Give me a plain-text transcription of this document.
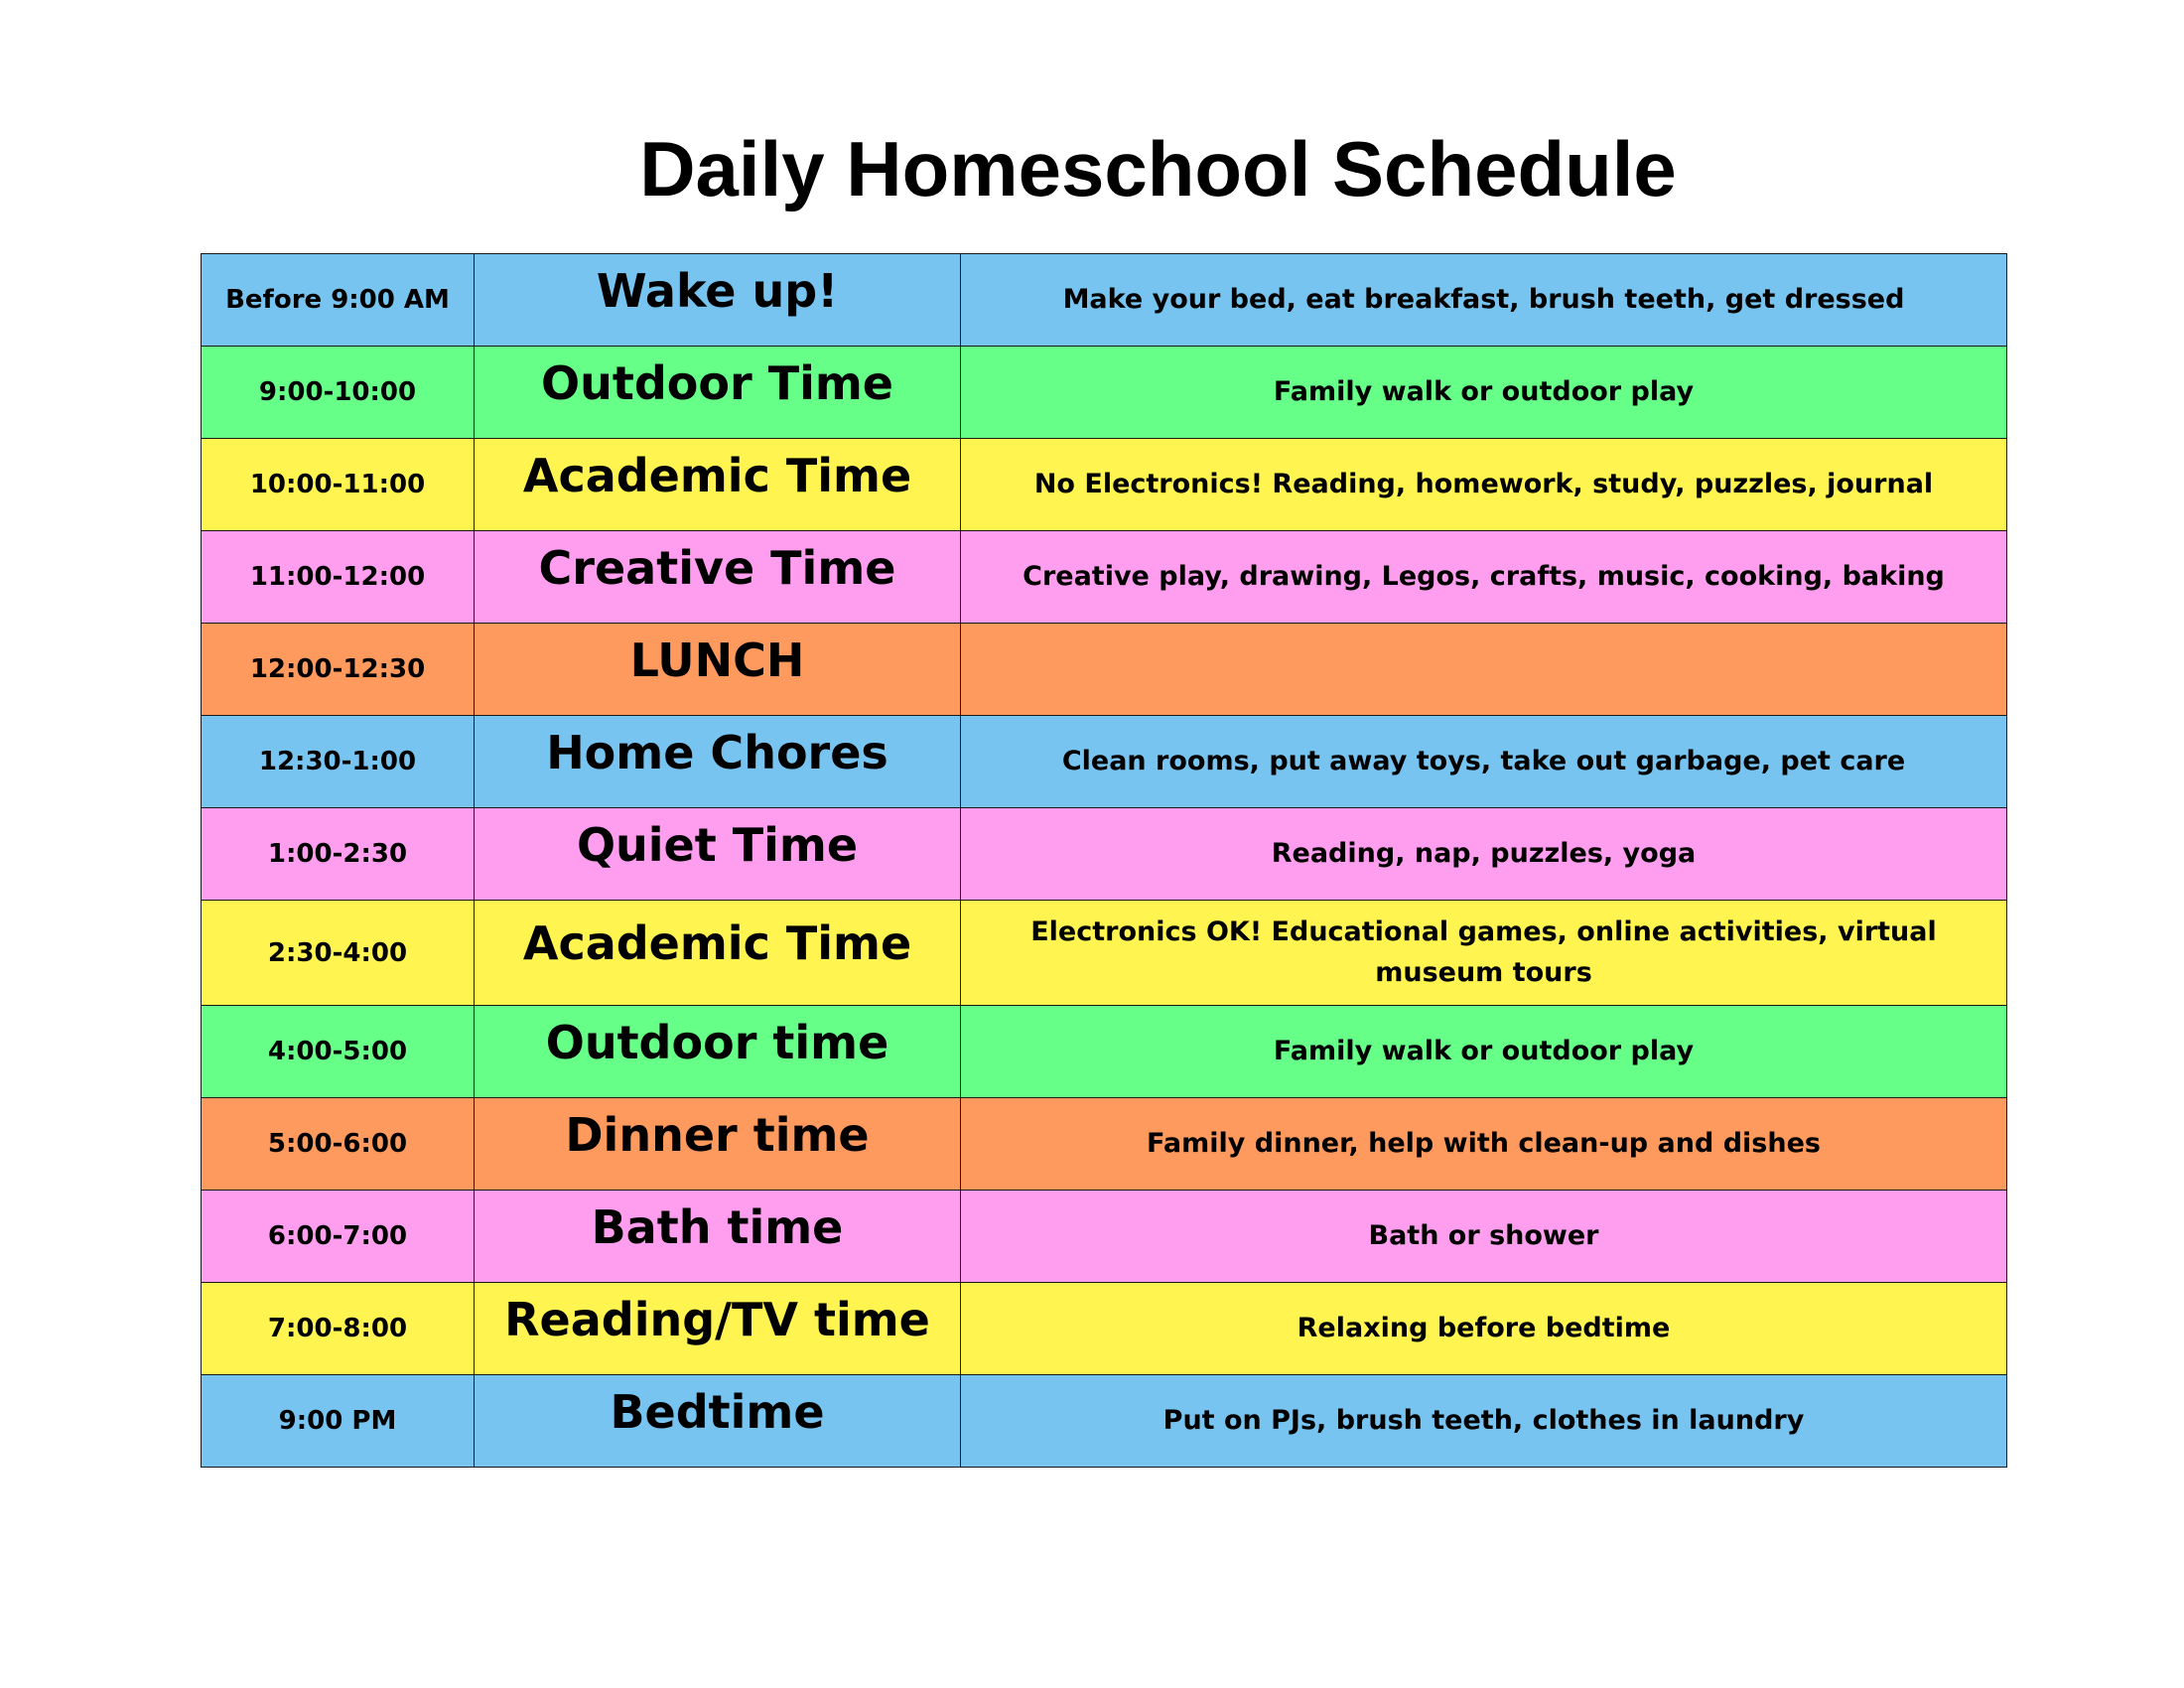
Daily Homeschool Schedule
Before 9:00 AM	Wake up!	Make your bed, eat breakfast, brush teeth, get dressed
9:00-10:00	Outdoor Time	Family walk or outdoor play
10:00-11:00	Academic Time	No Electronics! Reading, homework, study, puzzles, journal
11:00-12:00	Creative Time	Creative play, drawing, Legos, crafts, music, cooking, baking
12:00-12:30	LUNCH	
12:30-1:00	Home Chores	Clean rooms, put away toys, take out garbage, pet care
1:00-2:30	Quiet Time	Reading, nap, puzzles, yoga
2:30-4:00	Academic Time	Electronics OK! Educational games, online activities, virtual museum tours
4:00-5:00	Outdoor time	Family walk or outdoor play
5:00-6:00	Dinner time	Family dinner, help with clean-up and dishes
6:00-7:00	Bath time	Bath or shower
7:00-8:00	Reading/TV time	Relaxing before bedtime
9:00 PM	Bedtime	Put on PJs, brush teeth, clothes in laundry
